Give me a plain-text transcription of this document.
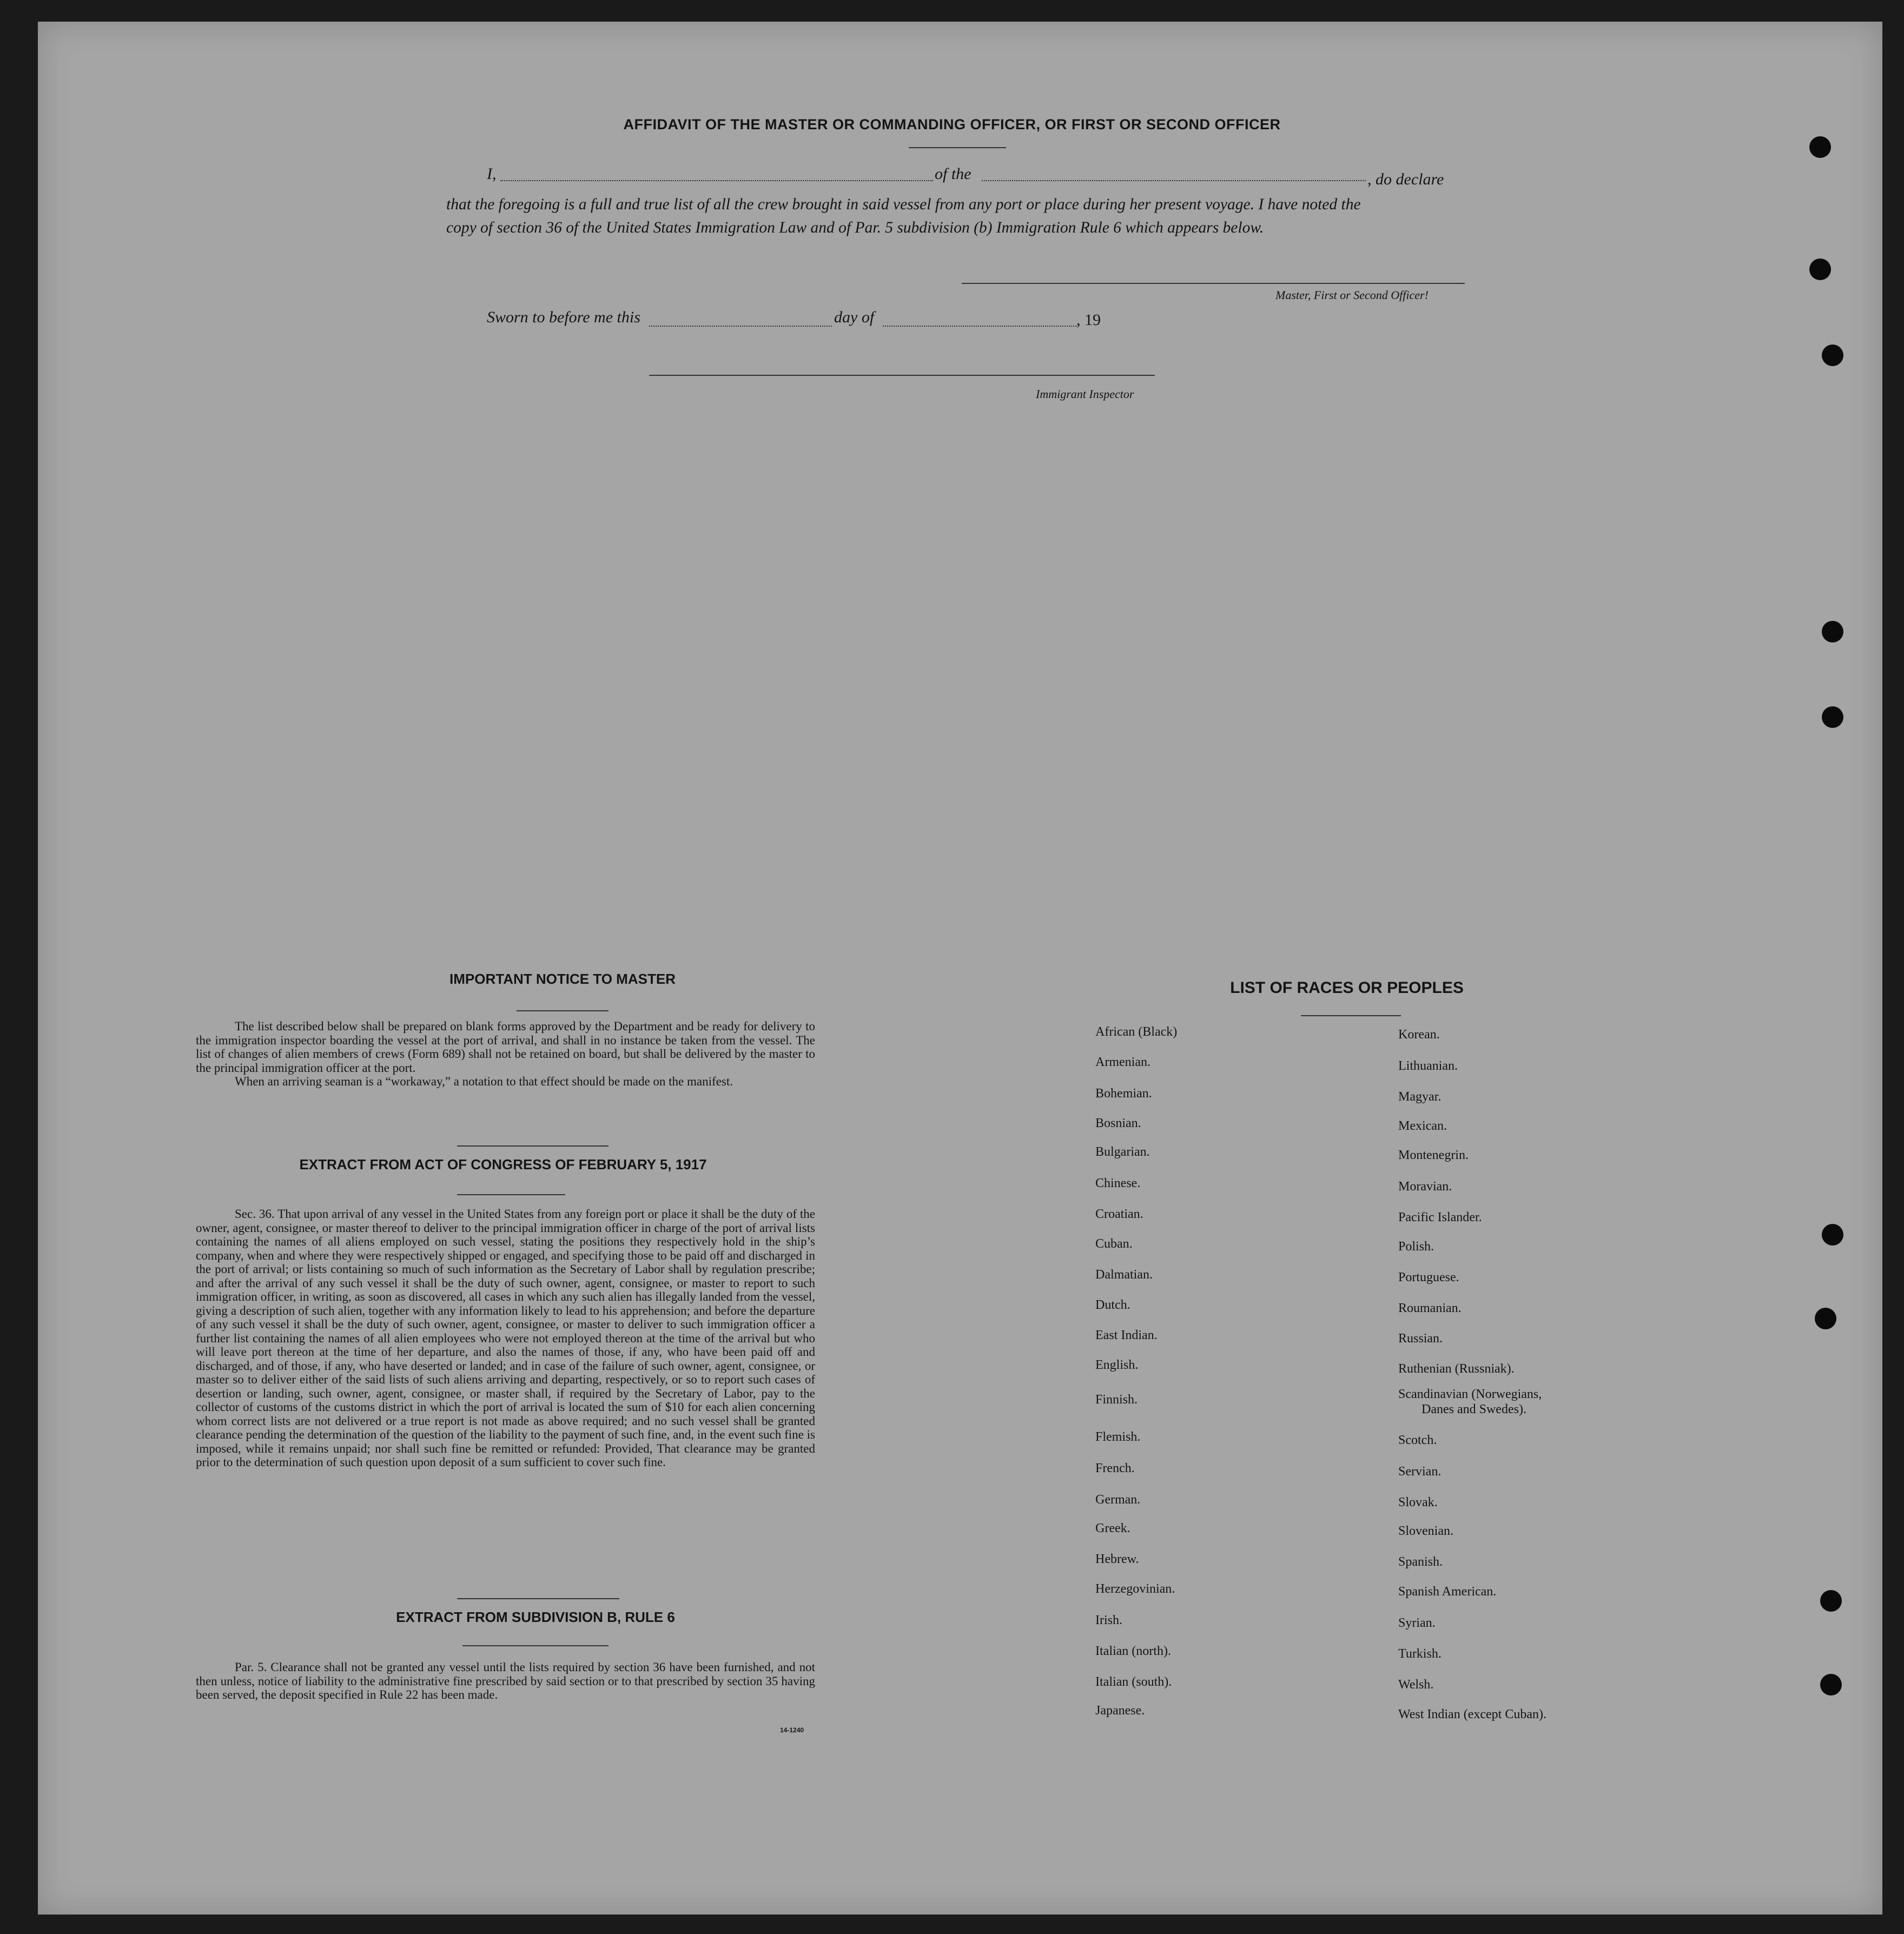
AFFIDAVIT OF THE MASTER OR COMMANDING OFFICER, OR FIRST OR SECOND OFFICER
I,	of the	, do declare
that the foregoing is a full and true list of all the crew brought in said vessel from any port or place during her present voyage. I have noted the
copy of section 36 of the United States Immigration Law and of Par. 5 subdivision (b) Immigration Rule 6 which appears below.
Master, First or Second Officer!
Sworn to before me this	day of	, 19
Immigrant Inspector
IMPORTANT NOTICE TO MASTER

The list described below shall be prepared on blank forms approved by the Department and be ready for delivery to the immigration inspector boarding the vessel at the port of arrival, and shall in no instance be taken from the vessel. The list of changes of alien members of crews (Form 689) shall not be retained on board, but shall be delivered by the master to the principal immigration officer at the port.

When an arriving seaman is a “workaway,” a notation to that effect should be made on the manifest.

EXTRACT FROM ACT OF CONGRESS OF FEBRUARY 5, 1917

Sec. 36. That upon arrival of any vessel in the United States from any foreign port or place it shall be the duty of the owner, agent, consignee, or master thereof to deliver to the principal immigration officer in charge of the port of arrival lists containing the names of all aliens employed on such vessel, stating the positions they respectively hold in the ship’s company, when and where they were respectively shipped or engaged, and specifying those to be paid off and discharged in the port of arrival; or lists containing so much of such information as the Secretary of Labor shall by regulation prescribe; and after the arrival of any such vessel it shall be the duty of such owner, agent, consignee, or master to report to such immigration officer, in writing, as soon as discovered, all cases in which any such alien has illegally landed from the vessel, giving a description of such alien, together with any information likely to lead to his apprehension; and before the departure of any such vessel it shall be the duty of such owner, agent, consignee, or master to deliver to such immigration officer a further list containing the names of all alien employees who were not employed thereon at the time of the arrival but who will leave port thereon at the time of her departure, and also the names of those, if any, who have been paid off and discharged, and of those, if any, who have deserted or landed; and in case of the failure of such owner, agent, consignee, or master so to deliver either of the said lists of such aliens arriving and departing, respectively, or so to report such cases of desertion or landing, such owner, agent, consignee, or master shall, if required by the Secretary of Labor, pay to the collector of customs of the customs district in which the port of arrival is located the sum of $10 for each alien concerning whom correct lists are not delivered or a true report is not made as above required; and no such vessel shall be granted clearance pending the determination of the question of the liability to the payment of such fine, and, in the event such fine is imposed, while it remains unpaid; nor shall such fine be remitted or refunded: Provided, That clearance may be granted prior to the determination of such question upon deposit of a sum sufficient to cover such fine.

EXTRACT FROM SUBDIVISION B, RULE 6

Par. 5. Clearance shall not be granted any vessel until the lists required by section 36 have been furnished, and not then unless, notice of liability to the administrative fine prescribed by said section or to that prescribed by section 35 having been served, the deposit specified in Rule 22 has been made.

14-1240
LIST OF RACES OR PEOPLES
African (Black)
Armenian.
Bohemian.
Bosnian.
Bulgarian.
Chinese.
Croatian.
Cuban.
Dalmatian.
Dutch.
East Indian.
English.
Finnish.
Flemish.
French.
German.
Greek.
Hebrew.
Herzegovinian.
Irish.
Italian (north).
Italian (south).
Japanese.
Korean.
Lithuanian.
Magyar.
Mexican.
Montenegrin.
Moravian.
Pacific Islander.
Polish.
Portuguese.
Roumanian.
Russian.
Ruthenian (Russniak).
Scandinavian (Norwegians,
Scotch.
Servian.
Slovak.
Slovenian.
Spanish.
Spanish American.
Syrian.
Turkish.
Welsh.
West Indian (except Cuban).
Danes and Swedes).
